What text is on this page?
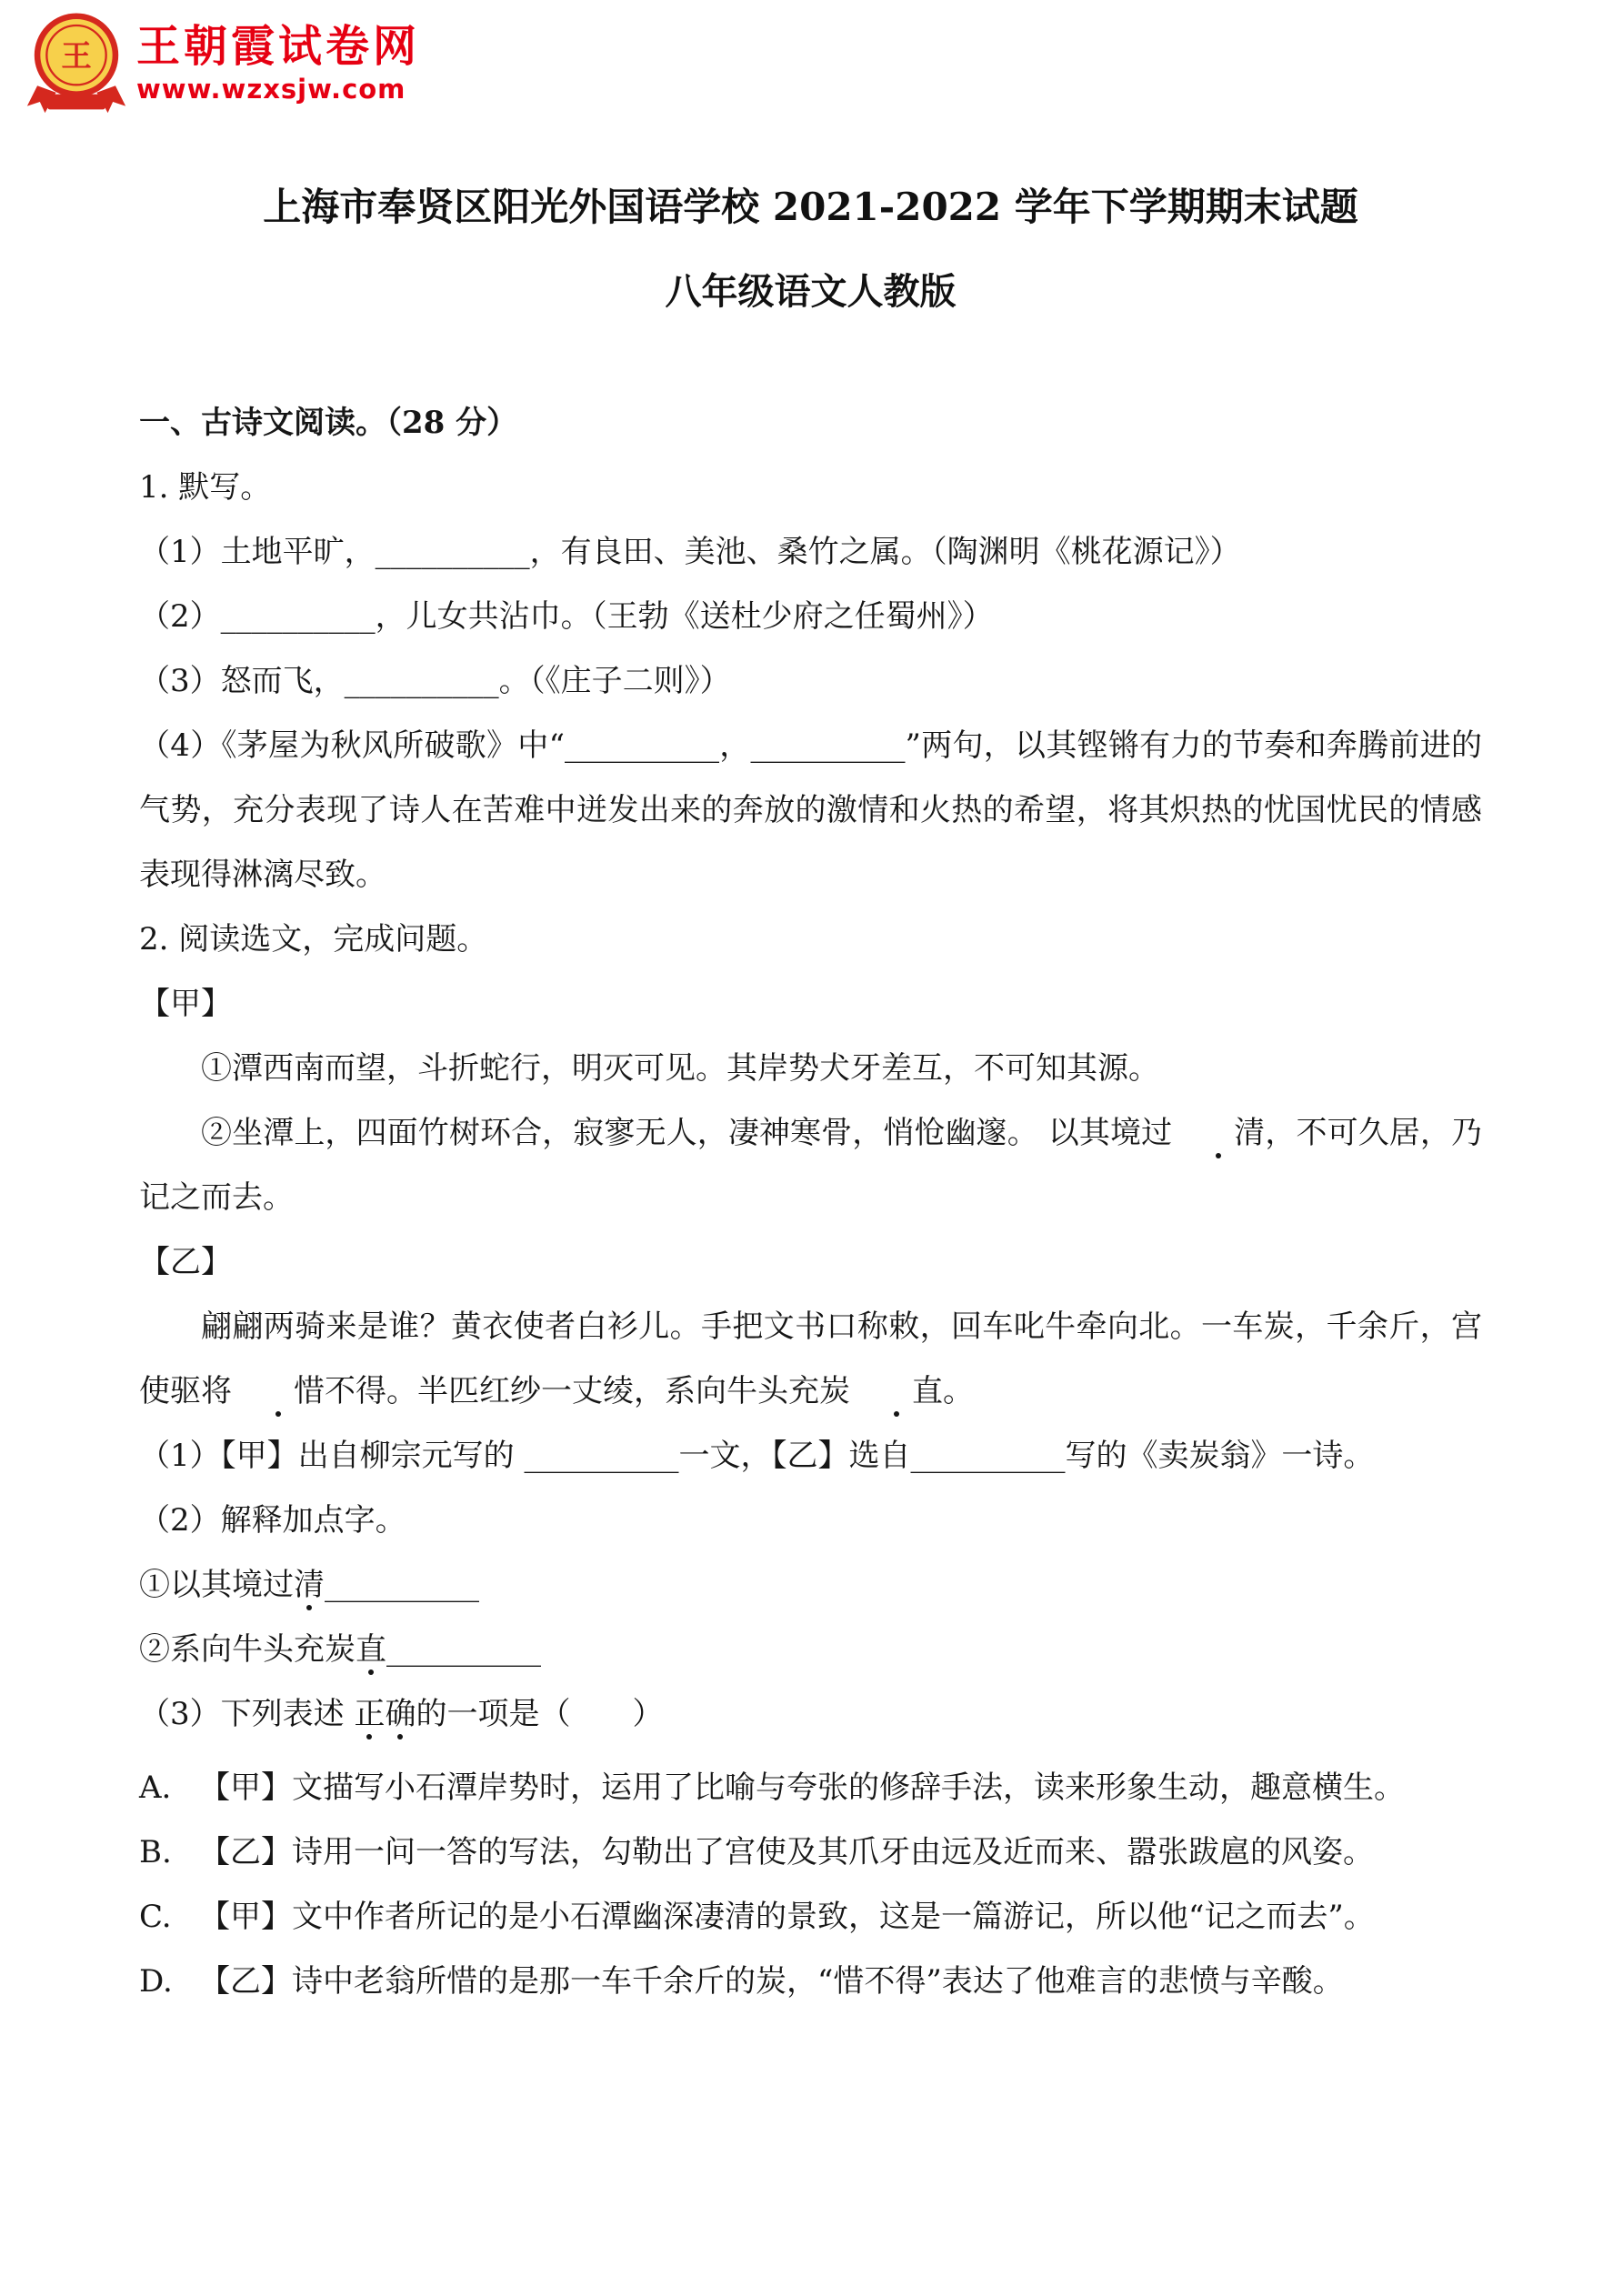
王 王朝霞试卷网
www.wzxsjw.com
上海市奉贤区阳光外国语学校 2021-2022 学年下学期期末试题
八年级语文人教版

一、古诗文阅读。（28 分）

1. 默写。

（1）土地平旷，__________，有良田、美池、桑竹之属。（陶渊明《桃花源记》）

（2）__________，儿女共沾巾。（王勃《送杜少府之任蜀州》）

（3）怒而飞，__________。（《庄子二则》）

（4）《茅屋为秋风所破歌》中“__________，__________”两句，以其铿锵有力的节奏和奔腾前进的气势，充分表现了诗人在苦难中迸发出来的奔放的激情和火热的希望，将其炽热的忧国忧民的情感表现得淋漓尽致。

2. 阅读选文，完成问题。

【甲】

①潭西南而望，斗折蛇行，明灭可见。其岸势犬牙差互，不可知其源。

②坐潭上，四面竹树环合，寂寥无人，凄神寒骨，悄怆幽邃。 以其境过 清，不可久居，乃记之而去。

【乙】

翩翩两骑来是谁？黄衣使者白衫儿。手把文书口称敕，回车叱牛牵向北。一车炭，千余斤，宫使驱将 惜不得。半匹红纱一丈绫，系向牛头充炭 直。

（1）【甲】出自柳宗元写的 __________一文，【乙】选自__________写的《卖炭翁》一诗。

（2）解释加点字。

①以其境过清__________

②系向牛头充炭直__________

（3）下列表述 正确的一项是（　　）

A. 【甲】文描写小石潭岸势时，运用了比喻与夸张的修辞手法，读来形象生动，趣意横生。

B. 【乙】诗用一问一答的写法，勾勒出了宫使及其爪牙由远及近而来、嚣张跋扈的风姿。

C. 【甲】文中作者所记的是小石潭幽深凄清的景致，这是一篇游记，所以他“记之而去”。

D. 【乙】诗中老翁所惜的是那一车千余斤的炭，“惜不得”表达了他难言的悲愤与辛酸。
